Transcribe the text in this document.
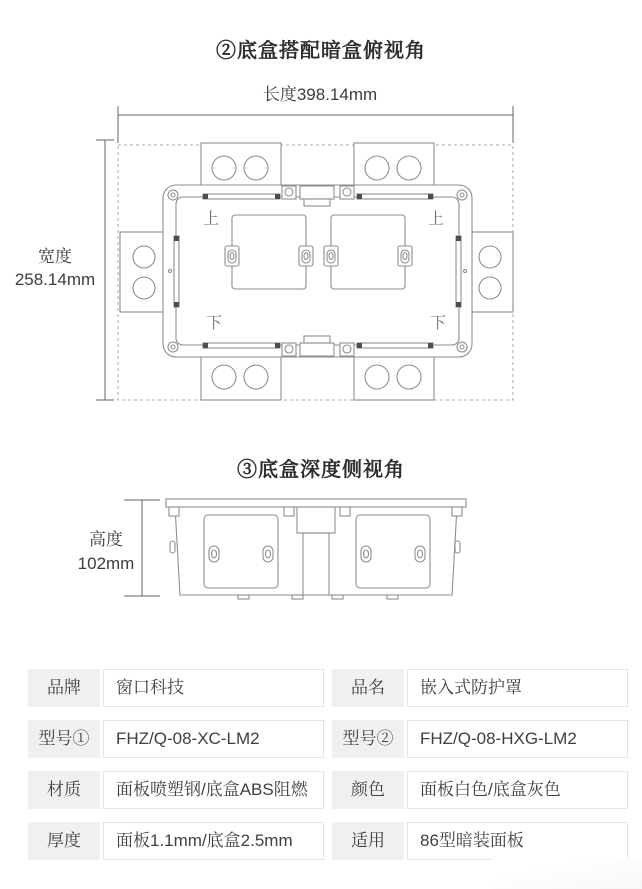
②底盒搭配暗盒俯视角
长度398.14mm
宽度
258.14mm
上	上
下	下
③底盒深度侧视角
高度
102mm
品牌	窗口科技	品名	嵌入式防护罩
型号①	FHZ/Q-08-XC-LM2	型号②	FHZ/Q-08-HXG-LM2
材质	面板喷塑钢/底盒ABS阻燃	颜色	面板白色/底盒灰色
厚度	面板1.1mm/底盒2.5mm	适用	86型暗装面板
